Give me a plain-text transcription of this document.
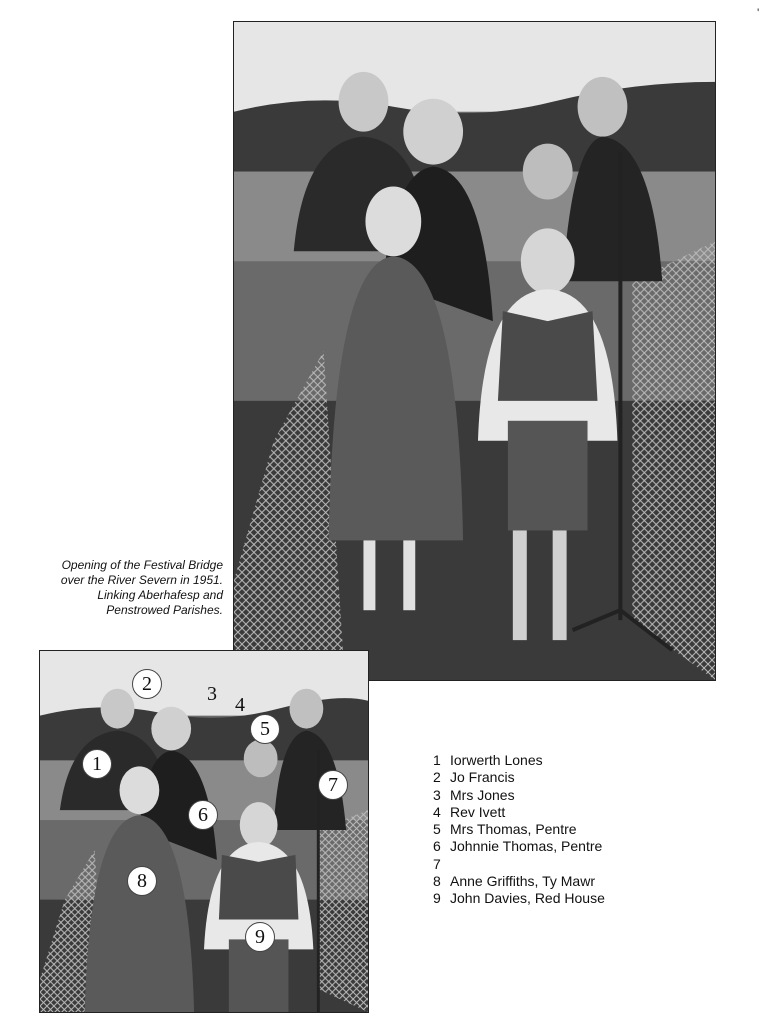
'
Opening of the Festival Bridge
over the River Severn in 1951.
Linking Aberhafesp and
Penstrowed Parishes.
1
2	3 4
5
6
7
8
9
1 Iorwerth Lones
2 Jo Francis
3 Mrs Jones
4 Rev Ivett
5 Mrs Thomas, Pentre
6 Johnnie Thomas, Pentre
7
8 Anne Griffiths, Ty Mawr
9 John Davies, Red House
